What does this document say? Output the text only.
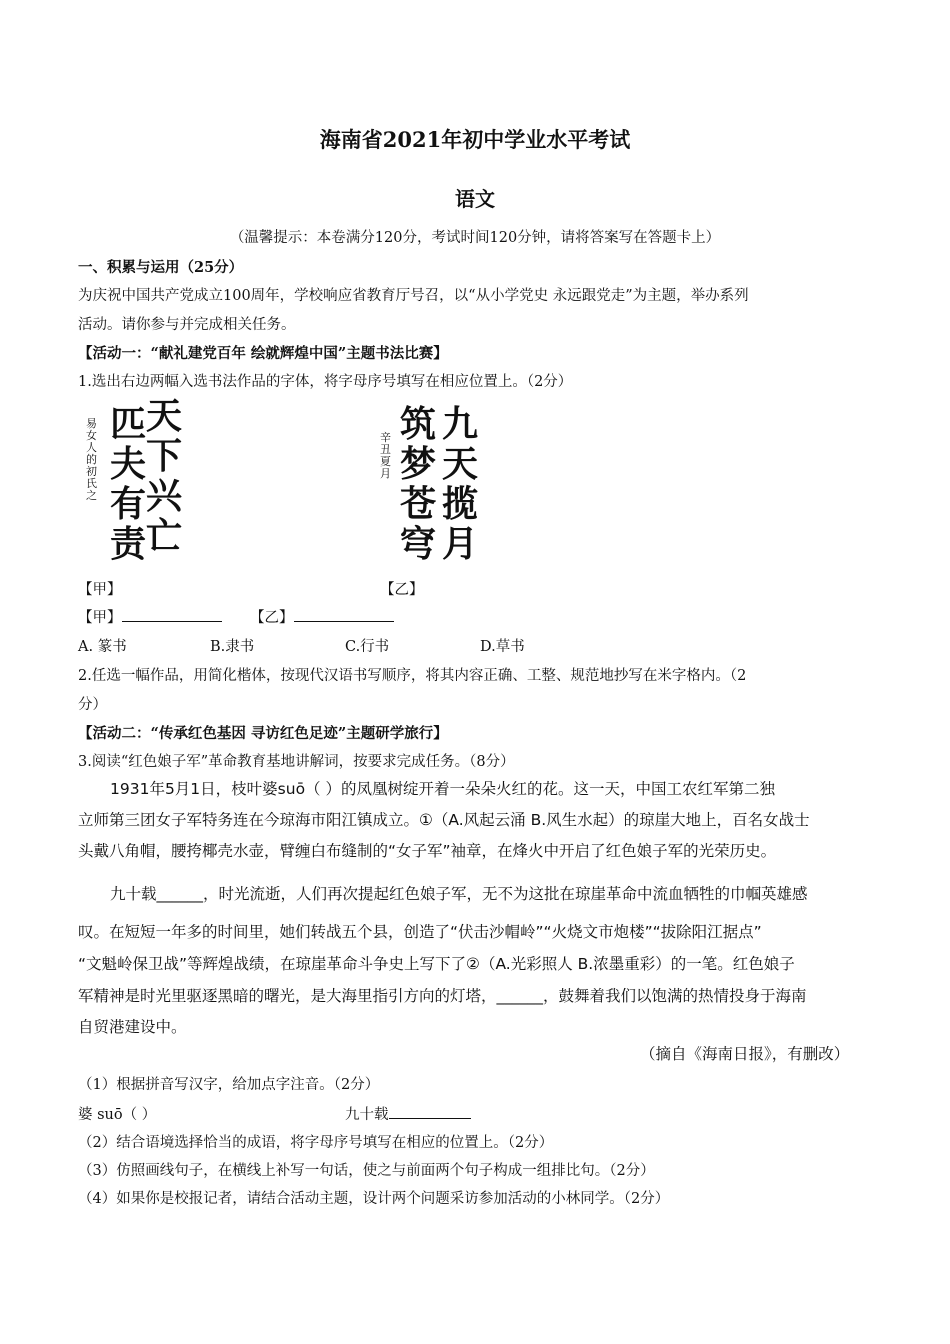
海南省2021年初中学业水平考试
语文
（温馨提示：本卷满分120分，考试时间120分钟，请将答案写在答题卡上）
一、积累与运用（25分）
为庆祝中国共产党成立100周年，学校响应省教育厅号召，以“从小学党史 永远跟党走”为主题，举办系列
活动。请你参与并完成相关任务。
【活动一：“献礼建党百年 绘就辉煌中国”主题书法比赛】
1.选出右边两幅入选书法作品的字体，将字母序号填写在相应位置上。（2分）
易女人的初氏之
匹夫有责
天下兴亡
辛丑夏月
筑梦苍穹
九天揽月
【甲】	【乙】
【甲】	【乙】
A. 篆书	B.隶书	C.行书	D.草书
2.任选一幅作品，用简化楷体，按现代汉语书写顺序，将其内容正确、工整、规范地抄写在米字格内。（2
分）
【活动二：“传承红色基因 寻访红色足迹”主题研学旅行】
3.阅读“红色娘子军”革命教育基地讲解词，按要求完成任务。（8分）
1931年5月1日，枝叶婆suō（ ）的凤凰树绽开着一朵朵火红的花。这一天，中国工农红军第二独
立师第三团女子军特务连在今琼海市阳江镇成立。①（A.风起云涌 B.风生水起）的琼崖大地上，百名女战士
头戴八角帽，腰挎椰壳水壶，臂缠白布缝制的“女子军”袖章，在烽火中开启了红色娘子军的光荣历史。
九十载______，时光流逝，人们再次提起红色娘子军，无不为这批在琼崖革命中流血牺牲的巾帼英雄感
叹。在短短一年多的时间里，她们转战五个县，创造了“伏击沙帽岭”“火烧文市炮楼”“拔除阳江据点”
“文魁岭保卫战”等辉煌战绩，在琼崖革命斗争史上写下了②（A.光彩照人 B.浓墨重彩）的一笔。红色娘子
军精神是时光里驱逐黑暗的曙光，是大海里指引方向的灯塔，______，鼓舞着我们以饱满的热情投身于海南
自贸港建设中。
（摘自《海南日报》，有删改）
（1）根据拼音写汉字，给加点字注音。（2分）
婆 suō（ ）	九十载
（2）结合语境选择恰当的成语，将字母序号填写在相应的位置上。（2分）
（3）仿照画线句子，在横线上补写一句话，使之与前面两个句子构成一组排比句。（2分）
（4）如果你是校报记者，请结合活动主题，设计两个问题采访参加活动的小林同学。（2分）
